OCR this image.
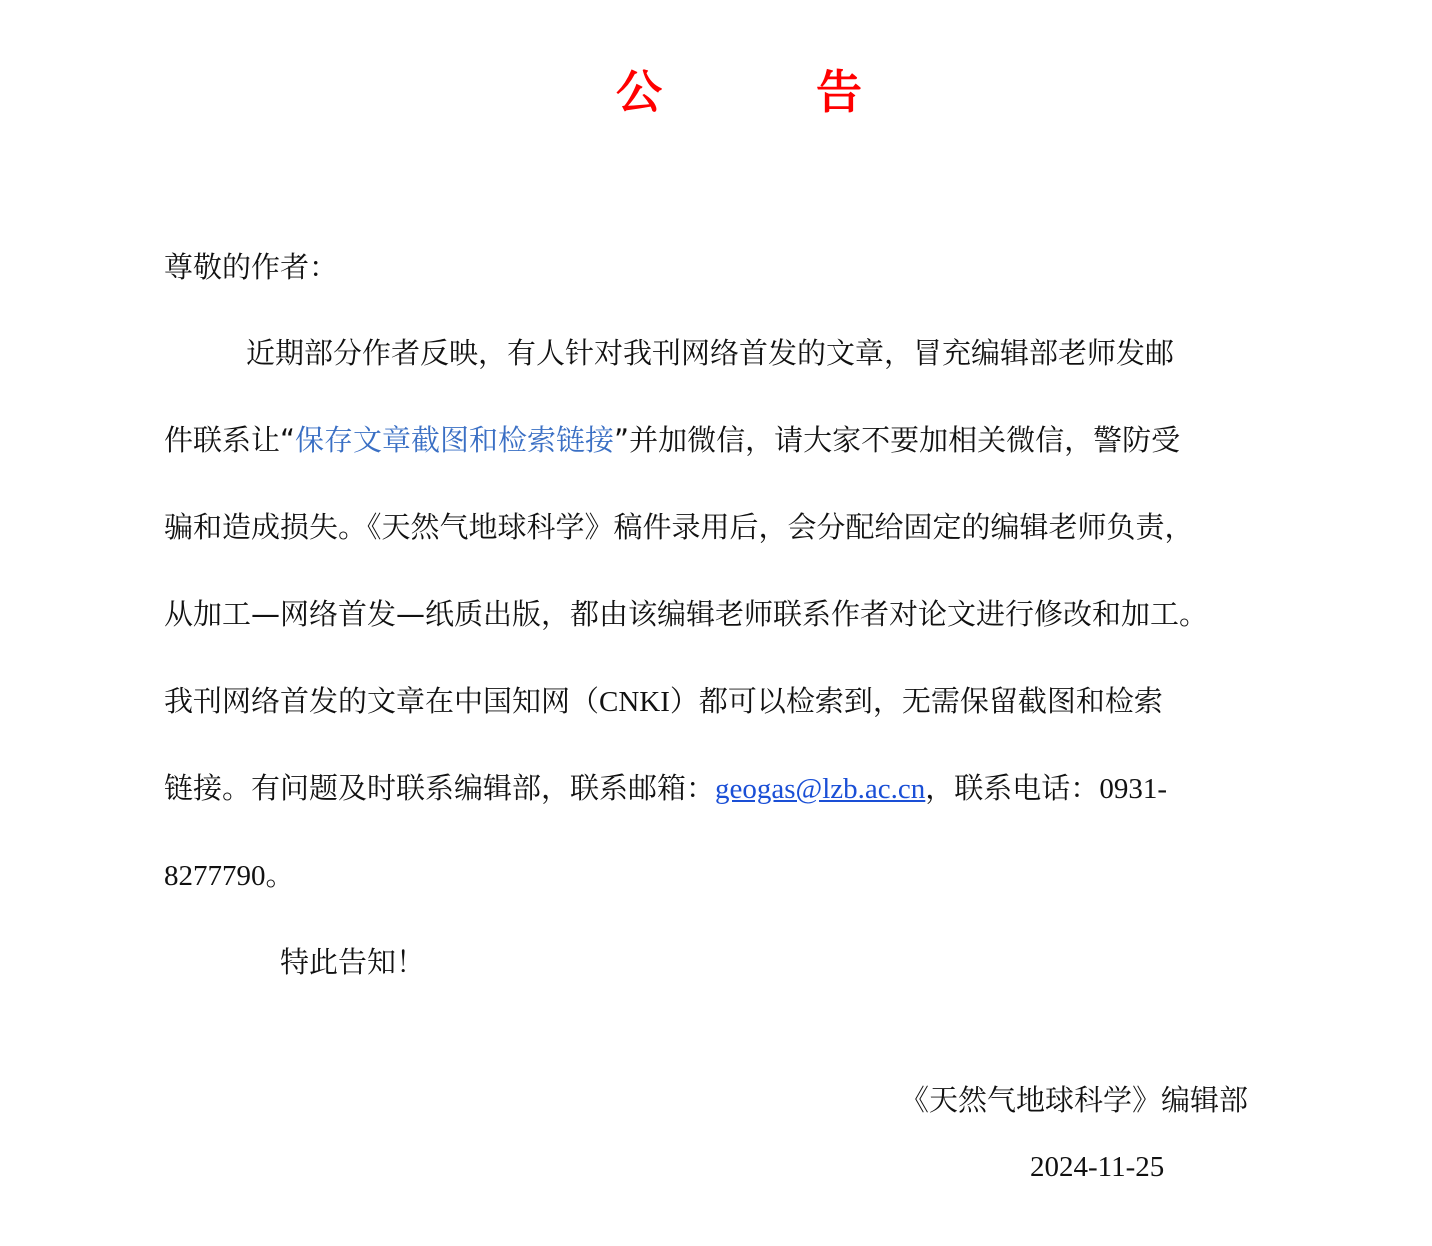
公	告
尊敬的作者：
近期部分作者反映，有人针对我刊网络首发的文章，冒充编辑部老师发邮
件联系让“保存文章截图和检索链接”并加微信，请大家不要加相关微信，警防受
骗和造成损失。《天然气地球科学》稿件录用后，会分配给固定的编辑老师负责，
从加工—网络首发—纸质出版，都由该编辑老师联系作者对论文进行修改和加工。
我刊网络首发的文章在中国知网（CNKI）都可以检索到，无需保留截图和检索
链接。有问题及时联系编辑部，联系邮箱：geogas@lzb.ac.cn，联系电话：0931-
8277790。
特此告知！
《天然气地球科学》编辑部
2024-11-25
